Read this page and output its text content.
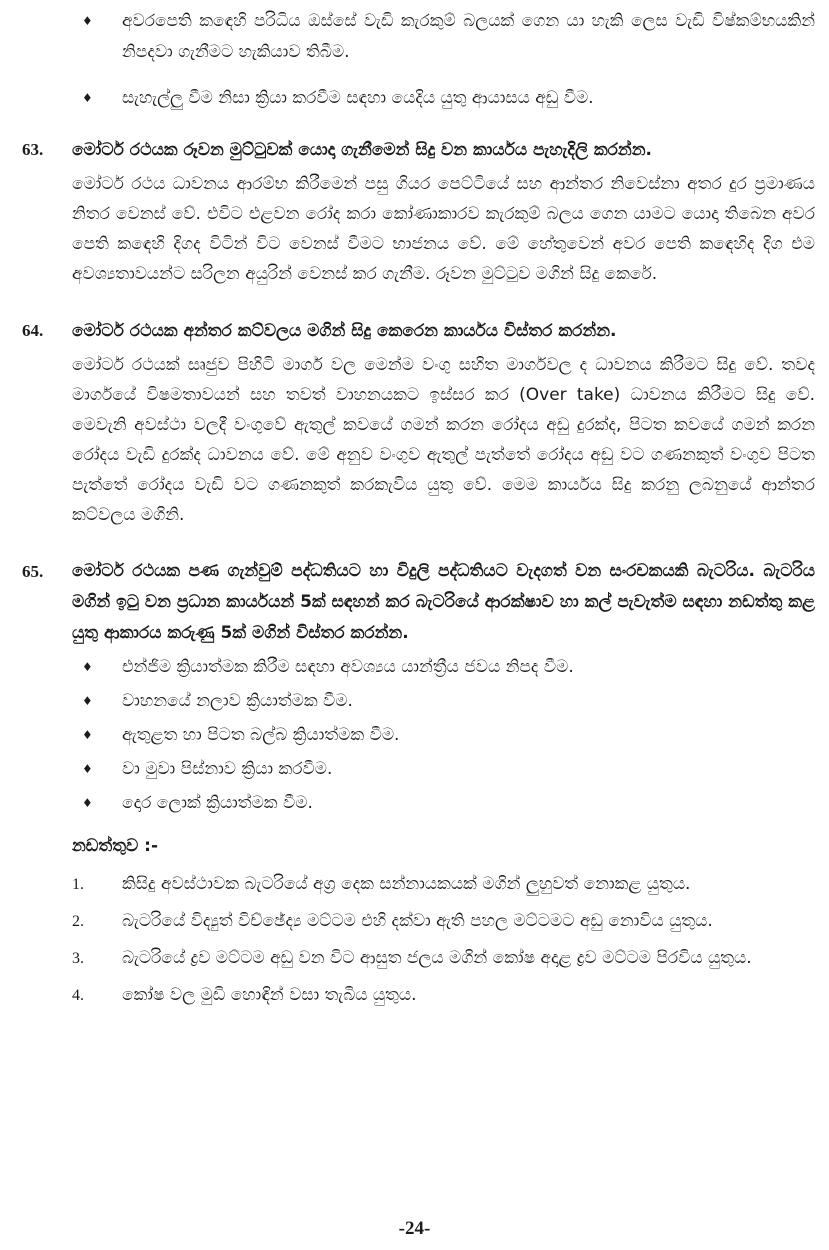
♦	අවරපෙති කඳෙහි පරිධිය ඔස්සේ වැඩි කැරකුම් බලයක් ගෙන යා හැකි ලෙස වැඩි විෂ්කම්භයකින් නිපදවා ගැනීමට හැකියාව තිබීම.
♦	සැහැල්ලු වීම නිසා ක්‍රියා කරවීම සඳහා යෙදිය යුතු ආයාසය අඩු වීම.
63.	මෝටර් රථයක රූවන මුට්ටුවක් යොදා ගැනීමෙන් සිදු වන කාර්යය පැහැදිලි කරන්න.
මෝටර් රථය ධාවනය ආරම්භ කිරීමෙන් පසු ගියර පෙට්ටියේ සහ ආන්තර නිවෙස්නා අතර දුර ප්‍රමාණය නිතර වෙනස් වේ. එවිට එළවන රෝද කරා කෝණාකාරව කැරකුම් බලය ගෙන යාමට යොදා තිබෙන අවර පෙති කඳෙහි දිගද විටින් විට වෙනස් වීමට භාජනය වේ. මේ හේතුවෙන් අවර පෙති කඳෙහිද දිග එම අවශ්‍යතාවයන්ට සරිලන අයුරින් වෙනස් කර ගැනීම. රූවන මුට්ටුව මගින් සිදු කෙරේ.
64.	මෝටර් රථයක අන්තර කට්වලය මගින් සිදු කෙරෙන කාර්යය විස්තර කරන්න.
මෝටර් රථයක් සෘජුව පිහිටි මාර්ග වල මෙන්ම වංගු සහිත මාර්ගවල ද ධාවනය කිරීමට සිදු වේ. තවද මාර්ගයේ විෂමතාවයන් සහ තවත් වාහනයකට ඉස්සර කර (Over take) ධාවනය කිරීමට සිදු වේ. මෙවැනි අවස්ථා වලදී වංගුවේ ඇතුල් කවයේ ගමන් කරන රෝදය අඩු දුරක්ද, පිටත කවයේ ගමන් කරන රෝදය වැඩි දුරක්ද ධාවනය වේ. මේ අනුව වංගුව ඇතුල් පැත්තේ රෝදය අඩු වට ගණනකුත් වංගුව පිටත පැත්තේ රෝදය වැඩි වට ගණනකුත් කරකැවිය යුතු වේ. මෙම කාර්යය සිදු කරනු ලබනුයේ ආන්තර කට්වලය මගිනි.
65.	මෝටර් රථයක පණ ගැන්වුම් පද්ධතියට හා විදුලි පද්ධතියට වැදගත් වන සංරචකයකි බැටරිය. බැටරිය මගින් ඉටු වන ප්‍රධාන කාර්යයන් 5ක් සඳහන් කර බැටරියේ ආරක්ෂාව හා කල් පැවැත්ම සඳහා නඩත්තු කළ යුතු ආකාරය කරුණු 5ක් මගින් විස්තර කරන්න.
♦	එන්ජිම ක්‍රියාත්මක කිරීම සඳහා අවශ්‍යය යාන්ත්‍රීය ජවය නිපද වීම.
♦	වාහනයේ නලාව ක්‍රියාත්මක වීම.
♦	ඇතුළත හා පිටත බල්බ ක්‍රියාත්මක වීම.
♦	වා මුවා පිස්නාව ක්‍රියා කරවීම.
♦	දොර ලොක් ක්‍රියාත්මක වීම.
නඩත්තුව :-
1.	කිසිදු අවස්ථාවක බැටරියේ අග්‍ර දෙක සන්නායකයක් මගින් ලුහුවත් නොකළ යුතුය.
2.	බැටරියේ විද්‍යුත් විච්ඡේද්‍ය මට්ටම එහි දක්වා ඇති පහල මට්ටමට අඩු නොවිය යුතුය.
3.	බැටරියේ ද්‍රව මට්ටම අඩු වන විට ආසුත ජලය මගින් කෝෂ අදාළ ද්‍රව මට්ටම පිරවිය යුතුය.
4.	කෝෂ වල මුඩි හොඳින් වසා තැබිය යුතුය.
-24-
